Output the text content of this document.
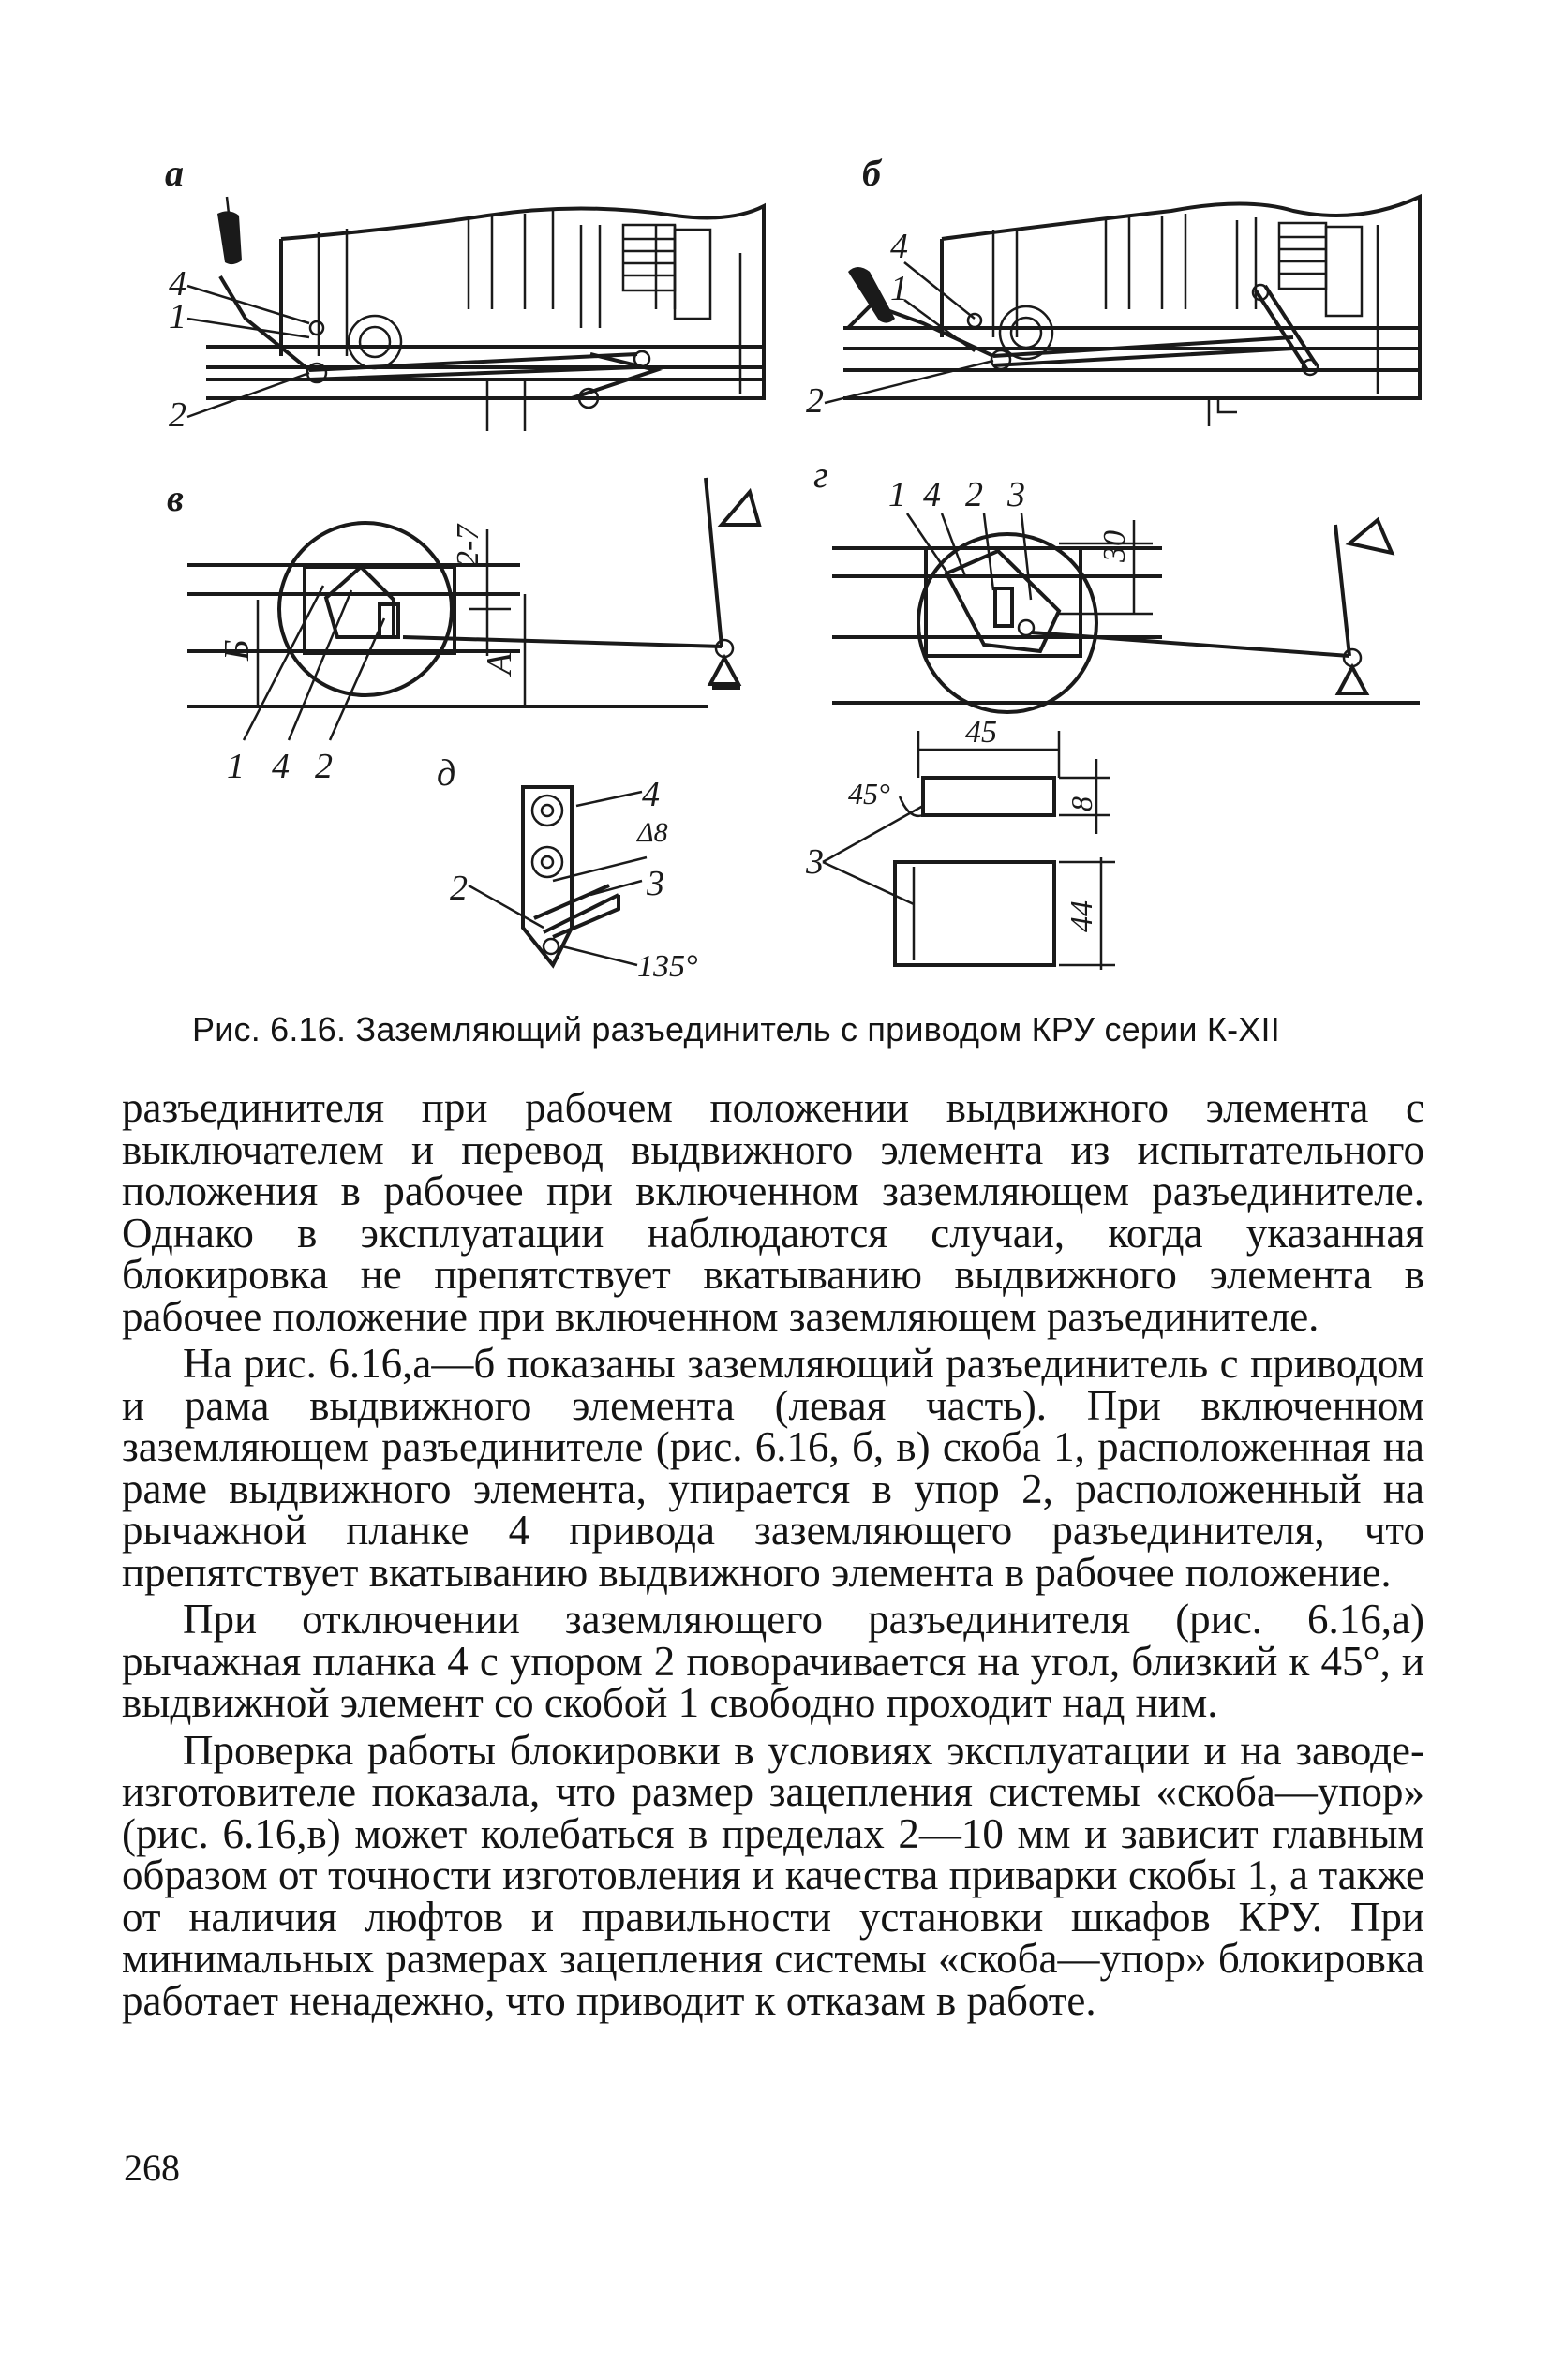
а
4
1
2
б
4
1
2
в
2-7
Б
А
1 4 2
г
30
1 4 2 3
д
4
Δ8
2	3
135°
45
45°	8
44
3
Рис. 6.16. Заземляющий разъединитель с приводом КРУ серии К-XII

разъединителя при рабочем положении выдвижного элемента с выключателем и перевод выдвижного элемента из испытательного положения в рабочее при включенном заземляющем разъединителе. Однако в эксплуатации наблюдаются случаи, когда указанная блокировка не препятствует вкатыванию выдвижного элемента в рабочее положение при включенном заземляющем разъединителе.

На рис. 6.16,а—б показаны заземляющий разъединитель с приводом и рама выдвижного элемента (левая часть). При включенном заземляющем разъединителе (рис. 6.16, б, в) скоба 1, расположенная на раме выдвижного элемента, упирается в упор 2, расположенный на рычажной планке 4 привода заземляющего разъединителя, что препятствует вкатыванию выдвижного элемента в рабочее положение.

При отключении заземляющего разъединителя (рис. 6.16,а) рычажная планка 4 с упором 2 поворачивается на угол, близкий к 45°, и выдвижной элемент со скобой 1 свободно проходит над ним.

Проверка работы блокировки в условиях эксплуатации и на заводе-изготовителе показала, что размер зацепления системы «скоба—упор» (рис. 6.16,в) может колебаться в пределах 2—10 мм и зависит главным образом от точности изготовления и качества приварки скобы 1, а также от наличия люфтов и правильности установки шкафов КРУ. При минимальных размерах зацепления системы «скоба—упор» блокировка работает ненадежно, что приводит к отказам в работе.

268
